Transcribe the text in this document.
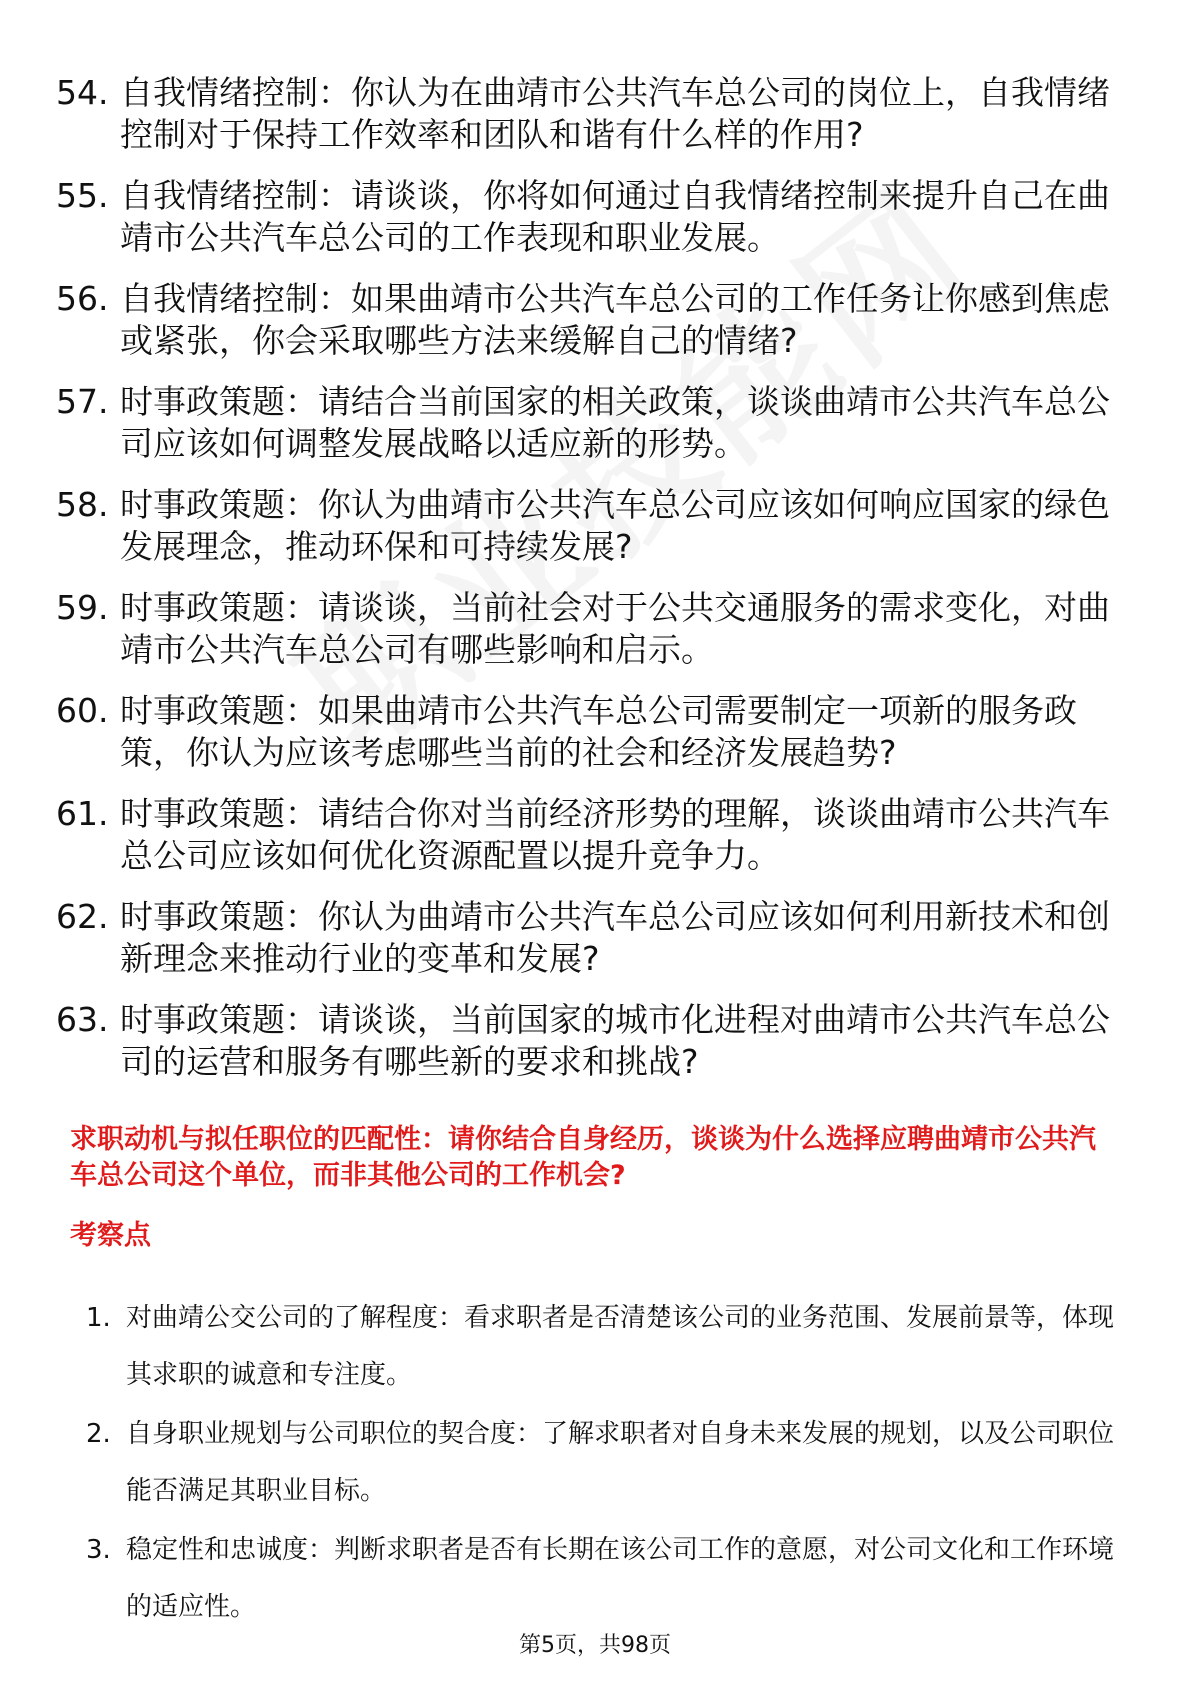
54. 自我情绪控制：你认为在曲靖市公共汽车总公司的岗位上，自我情绪控制对于保持工作效率和团队和谐有什么样的作用?
55. 自我情绪控制：请谈谈，你将如何通过自我情绪控制来提升自己在曲靖市公共汽车总公司的工作表现和职业发展。
56. 自我情绪控制：如果曲靖市公共汽车总公司的工作任务让你感到焦虑或紧张，你会采取哪些方法来缓解自己的情绪?
57. 时事政策题：请结合当前国家的相关政策，谈谈曲靖市公共汽车总公司应该如何调整发展战略以适应新的形势。
58. 时事政策题：你认为曲靖市公共汽车总公司应该如何响应国家的绿色发展理念，推动环保和可持续发展?
59. 时事政策题：请谈谈，当前社会对于公共交通服务的需求变化，对曲靖市公共汽车总公司有哪些影响和启示。
60. 时事政策题：如果曲靖市公共汽车总公司需要制定一项新的服务政策，你认为应该考虑哪些当前的社会和经济发展趋势?
61. 时事政策题：请结合你对当前经济形势的理解，谈谈曲靖市公共汽车总公司应该如何优化资源配置以提升竞争力。
62. 时事政策题：你认为曲靖市公共汽车总公司应该如何利用新技术和创新理念来推动行业的变革和发展?
63. 时事政策题：请谈谈，当前国家的城市化进程对曲靖市公共汽车总公司的运营和服务有哪些新的要求和挑战?
求职动机与拟任职位的匹配性：请你结合自身经历，谈谈为什么选择应聘曲靖市公共汽车总公司这个单位，而非其他公司的工作机会?
考察点
1. 对曲靖公交公司的了解程度：看求职者是否清楚该公司的业务范围、发展前景等，体现其求职的诚意和专注度。
2. 自身职业规划与公司职位的契合度：了解求职者对自身未来发展的规划，以及公司职位能否满足其职业目标。
3. 稳定性和忠诚度：判断求职者是否有长期在该公司工作的意愿，对公司文化和工作环境的适应性。
第5页，共98页
